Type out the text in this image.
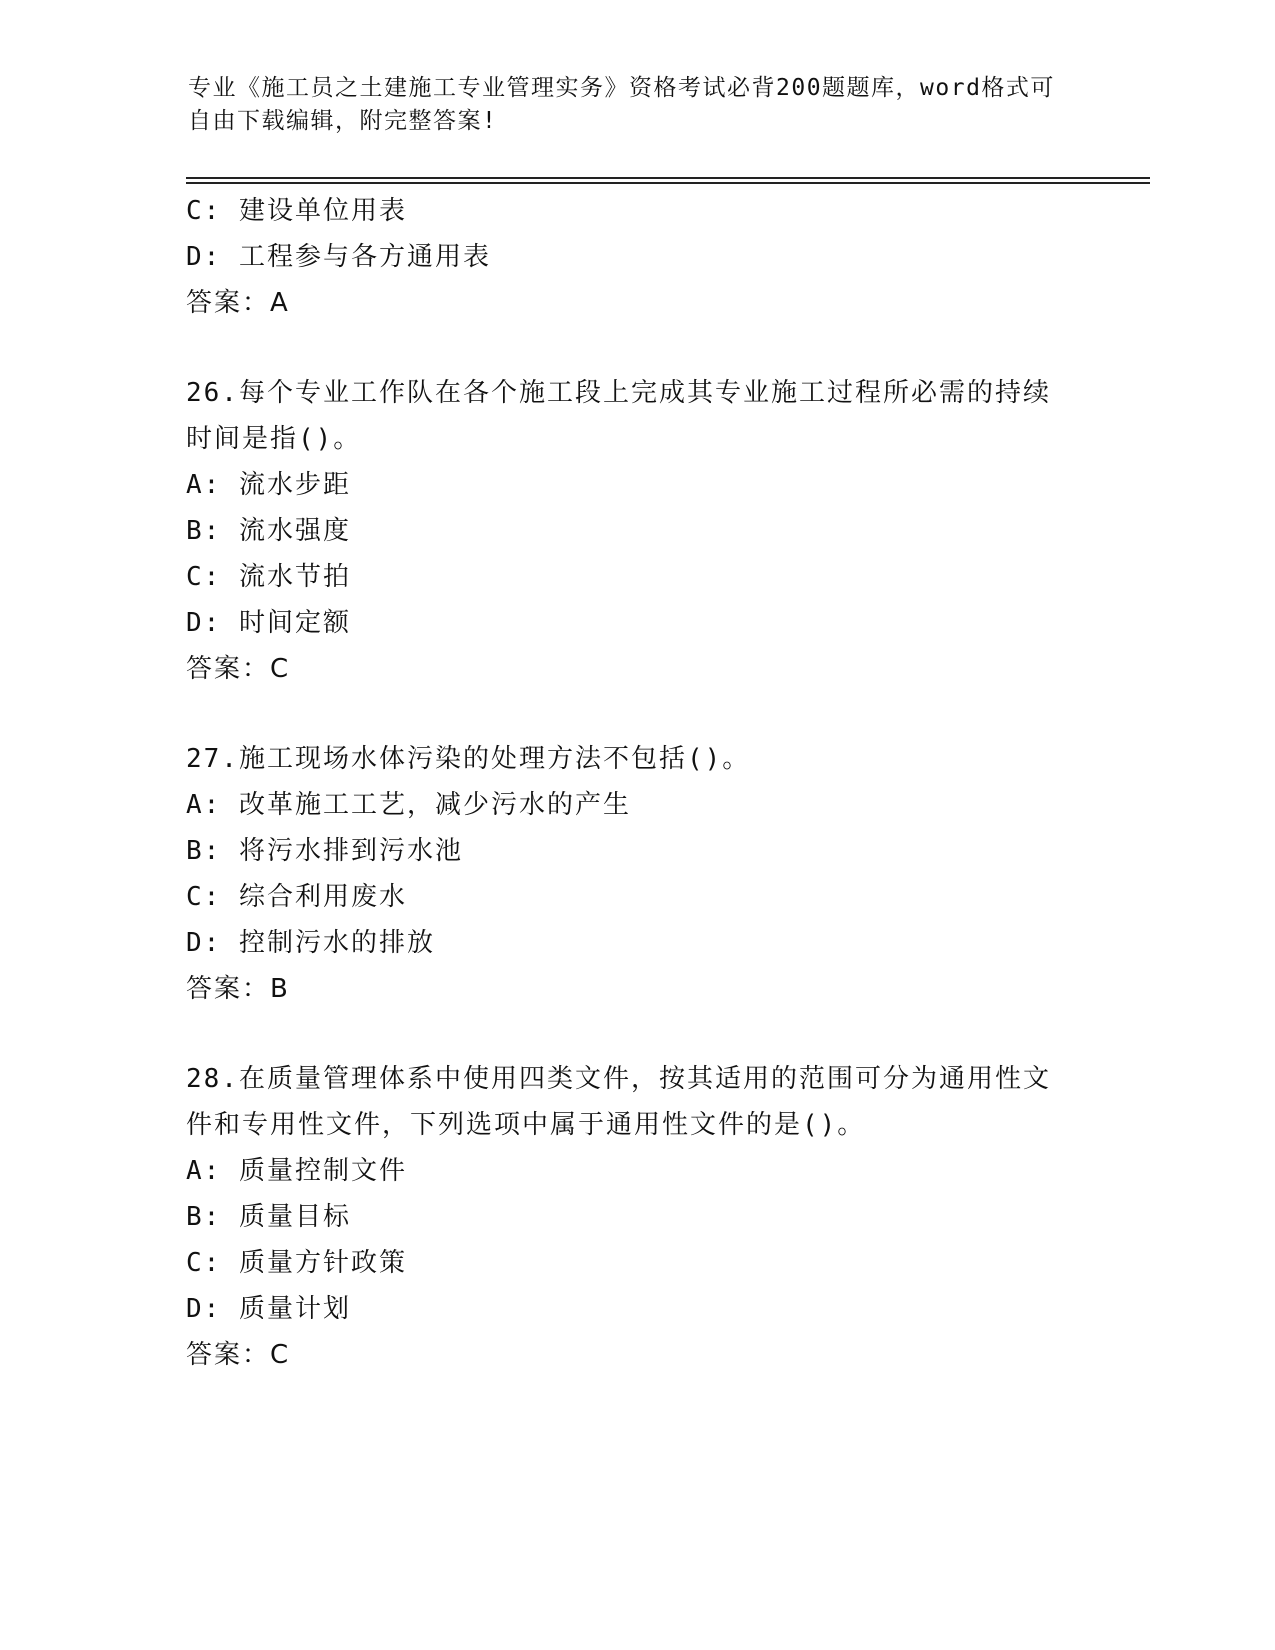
专业《施工员之土建施工专业管理实务》资格考试必背200题题库，word格式可
自由下载编辑，附完整答案!
C: 建设单位用表
D: 工程参与各方通用表
答案：A
26.每个专业工作队在各个施工段上完成其专业施工过程所必需的持续
时间是指()。
A: 流水步距
B: 流水强度
C: 流水节拍
D: 时间定额
答案：C
27.施工现场水体污染的处理方法不包括()。
A: 改革施工工艺，减少污水的产生
B: 将污水排到污水池
C: 综合利用废水
D: 控制污水的排放
答案：B
28.在质量管理体系中使用四类文件，按其适用的范围可分为通用性文
件和专用性文件，下列选项中属于通用性文件的是()。
A: 质量控制文件
B: 质量目标
C: 质量方针政策
D: 质量计划
答案：C
